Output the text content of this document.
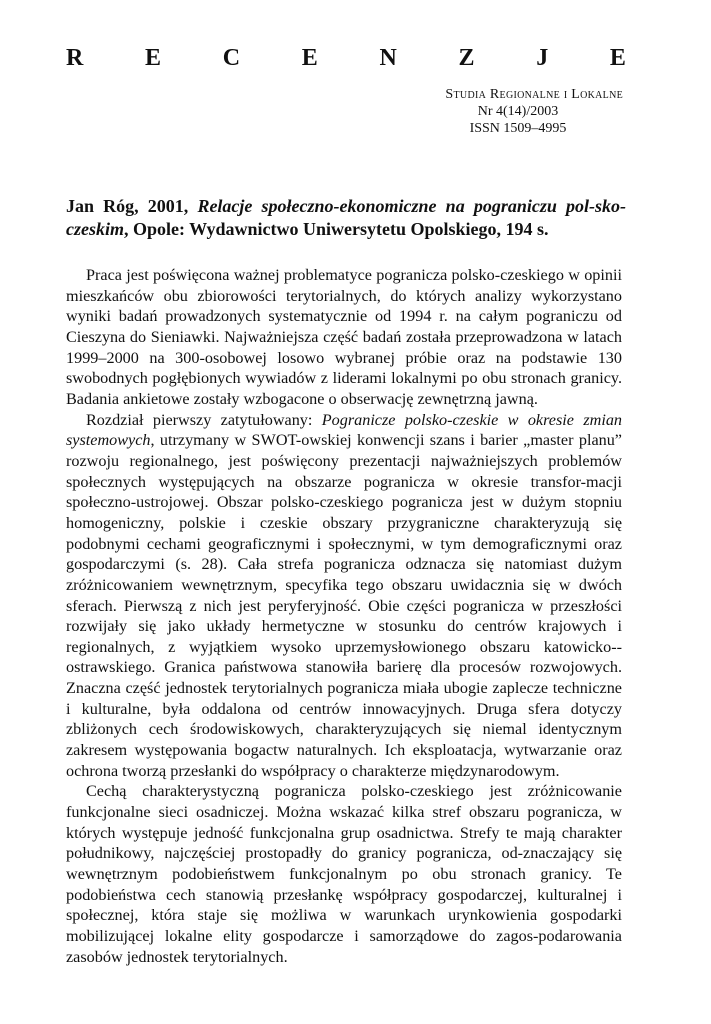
R	E	C	E	N	Z	J	E
Studia Regionalne i Lokalne
Nr 4(14)/2003
ISSN 1509–4995
Jan Róg, 2001, Relacje społeczno-ekonomiczne na pograniczu pol-sko-czeskim, Opole: Wydawnictwo Uniwersytetu Opolskiego, 194 s.

Praca jest poświęcona ważnej problematyce pogranicza polsko-czeskiego w opinii mieszkańców obu zbiorowości terytorialnych, do których analizy wykorzystano wyniki badań prowadzonych systematycznie od 1994 r. na całym pograniczu od Cieszyna do Sieniawki. Najważniejsza część badań została przeprowadzona w latach 1999–2000 na 300-osobowej losowo wybranej próbie oraz na podstawie 130 swobodnych pogłębionych wywiadów z liderami lokalnymi po obu stronach granicy. Badania ankietowe zostały wzbogacone o obserwację zewnętrzną jawną.

Rozdział pierwszy zatytułowany: Pogranicze polsko-czeskie w okresie zmian systemowych, utrzymany w SWOT-owskiej konwencji szans i barier „master planu” rozwoju regionalnego, jest poświęcony prezentacji najważniejszych problemów społecznych występujących na obszarze pogranicza w okresie transfor-macji społeczno-ustrojowej. Obszar polsko-czeskiego pogranicza jest w dużym stopniu homogeniczny, polskie i czeskie obszary przygraniczne charakteryzują się podobnymi cechami geograficznymi i społecznymi, w tym demograficznymi oraz gospodarczymi (s. 28). Cała strefa pogranicza odznacza się natomiast dużym zróżnicowaniem wewnętrznym, specyfika tego obszaru uwidacznia się w dwóch sferach. Pierwszą z nich jest peryferyjność. Obie części pogranicza w przeszłości rozwijały się jako układy hermetyczne w stosunku do centrów krajowych i regionalnych, z wyjątkiem wysoko uprzemysłowionego obszaru katowicko--ostrawskiego. Granica państwowa stanowiła barierę dla procesów rozwojowych. Znaczna część jednostek terytorialnych pogranicza miała ubogie zaplecze techniczne i kulturalne, była oddalona od centrów innowacyjnych. Druga sfera dotyczy zbliżonych cech środowiskowych, charakteryzujących się niemal identycznym zakresem występowania bogactw naturalnych. Ich eksploatacja, wytwarzanie oraz ochrona tworzą przesłanki do współpracy o charakterze międzynarodowym.

Cechą charakterystyczną pogranicza polsko-czeskiego jest zróżnicowanie funkcjonalne sieci osadniczej. Można wskazać kilka stref obszaru pogranicza, w których występuje jedność funkcjonalna grup osadnictwa. Strefy te mają charakter południkowy, najczęściej prostopadły do granicy pogranicza, od-znaczający się wewnętrznym podobieństwem funkcjonalnym po obu stronach granicy. Te podobieństwa cech stanowią przesłankę współpracy gospodarczej, kulturalnej i społecznej, która staje się możliwa w warunkach urynkowienia gospodarki mobilizującej lokalne elity gospodarcze i samorządowe do zagos-podarowania zasobów jednostek terytorialnych.
